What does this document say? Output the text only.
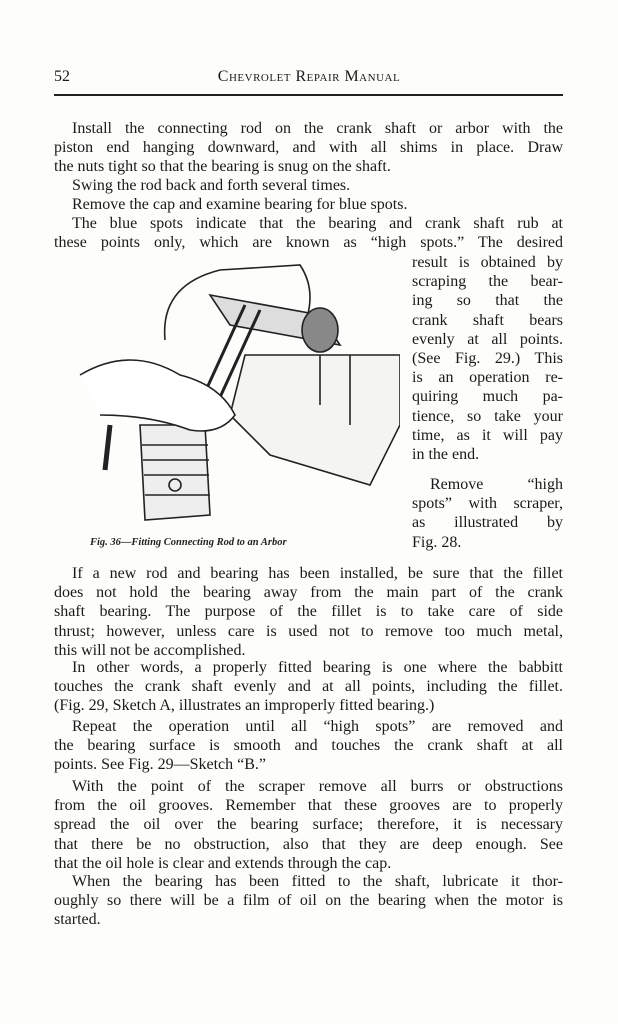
52	Chevrolet Repair Manual
Fig. 36—Fitting Connecting Rod to an Arbor
Install the connecting rod on the crank shaft or arbor with the
piston end hanging downward, and with all shims in place. Draw
the nuts tight so that the bearing is snug on the shaft.
Swing the rod back and forth several times.
Remove the cap and examine bearing for blue spots.
The blue spots indicate that the bearing and crank shaft rub at
these points only, which are known as “high spots.” The desired
result is obtained by
scraping the bear-
ing so that the
crank shaft bears
evenly at all points.
(See Fig. 29.) This
is an operation re-
quiring much pa-
tience, so take your
time, as it will pay
in the end.
Remove “high
spots” with scraper,
as illustrated by
Fig. 28.
If a new rod and bearing has been installed, be sure that the fillet
does not hold the bearing away from the main part of the crank
shaft bearing. The purpose of the fillet is to take care of side
thrust; however, unless care is used not to remove too much metal,
this will not be accomplished.
In other words, a properly fitted bearing is one where the babbitt
touches the crank shaft evenly and at all points, including the fillet.
(Fig. 29, Sketch A, illustrates an improperly fitted bearing.)
Repeat the operation until all “high spots” are removed and
the bearing surface is smooth and touches the crank shaft at all
points. See Fig. 29—Sketch “B.”
With the point of the scraper remove all burrs or obstructions
from the oil grooves. Remember that these grooves are to properly
spread the oil over the bearing surface; therefore, it is necessary
that there be no obstruction, also that they are deep enough. See
that the oil hole is clear and extends through the cap.
When the bearing has been fitted to the shaft, lubricate it thor-
oughly so there will be a film of oil on the bearing when the motor is
started.
